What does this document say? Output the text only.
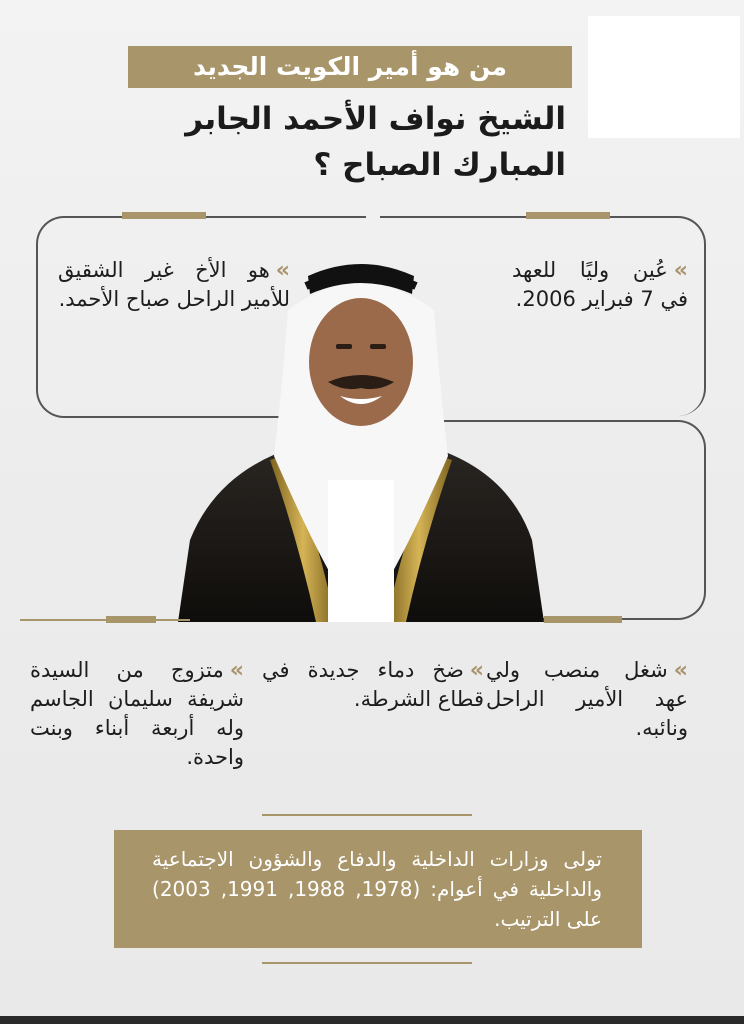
من هو أمير الكويت الجديد
الشيخ نواف الأحمد الجابر
المبارك الصباح ؟
»عُين وليًا للعهد في 7 فبراير 2006.
»هو الأخ غير الشقيق للأمير الراحل صباح الأحمد.
»شغل منصب ولي عهد الأمير الراحل ونائبه.
»ضخ دماء جديدة في قطاع الشرطة.
»متزوج من السيدة شريفة سليمان الجاسم وله أربعة أبناء وبنت واحدة.
تولى وزارات الداخلية والدفاع والشؤون الاجتماعية والداخلية في أعوام: (1978, 1988, 1991, 2003) على الترتيب.
